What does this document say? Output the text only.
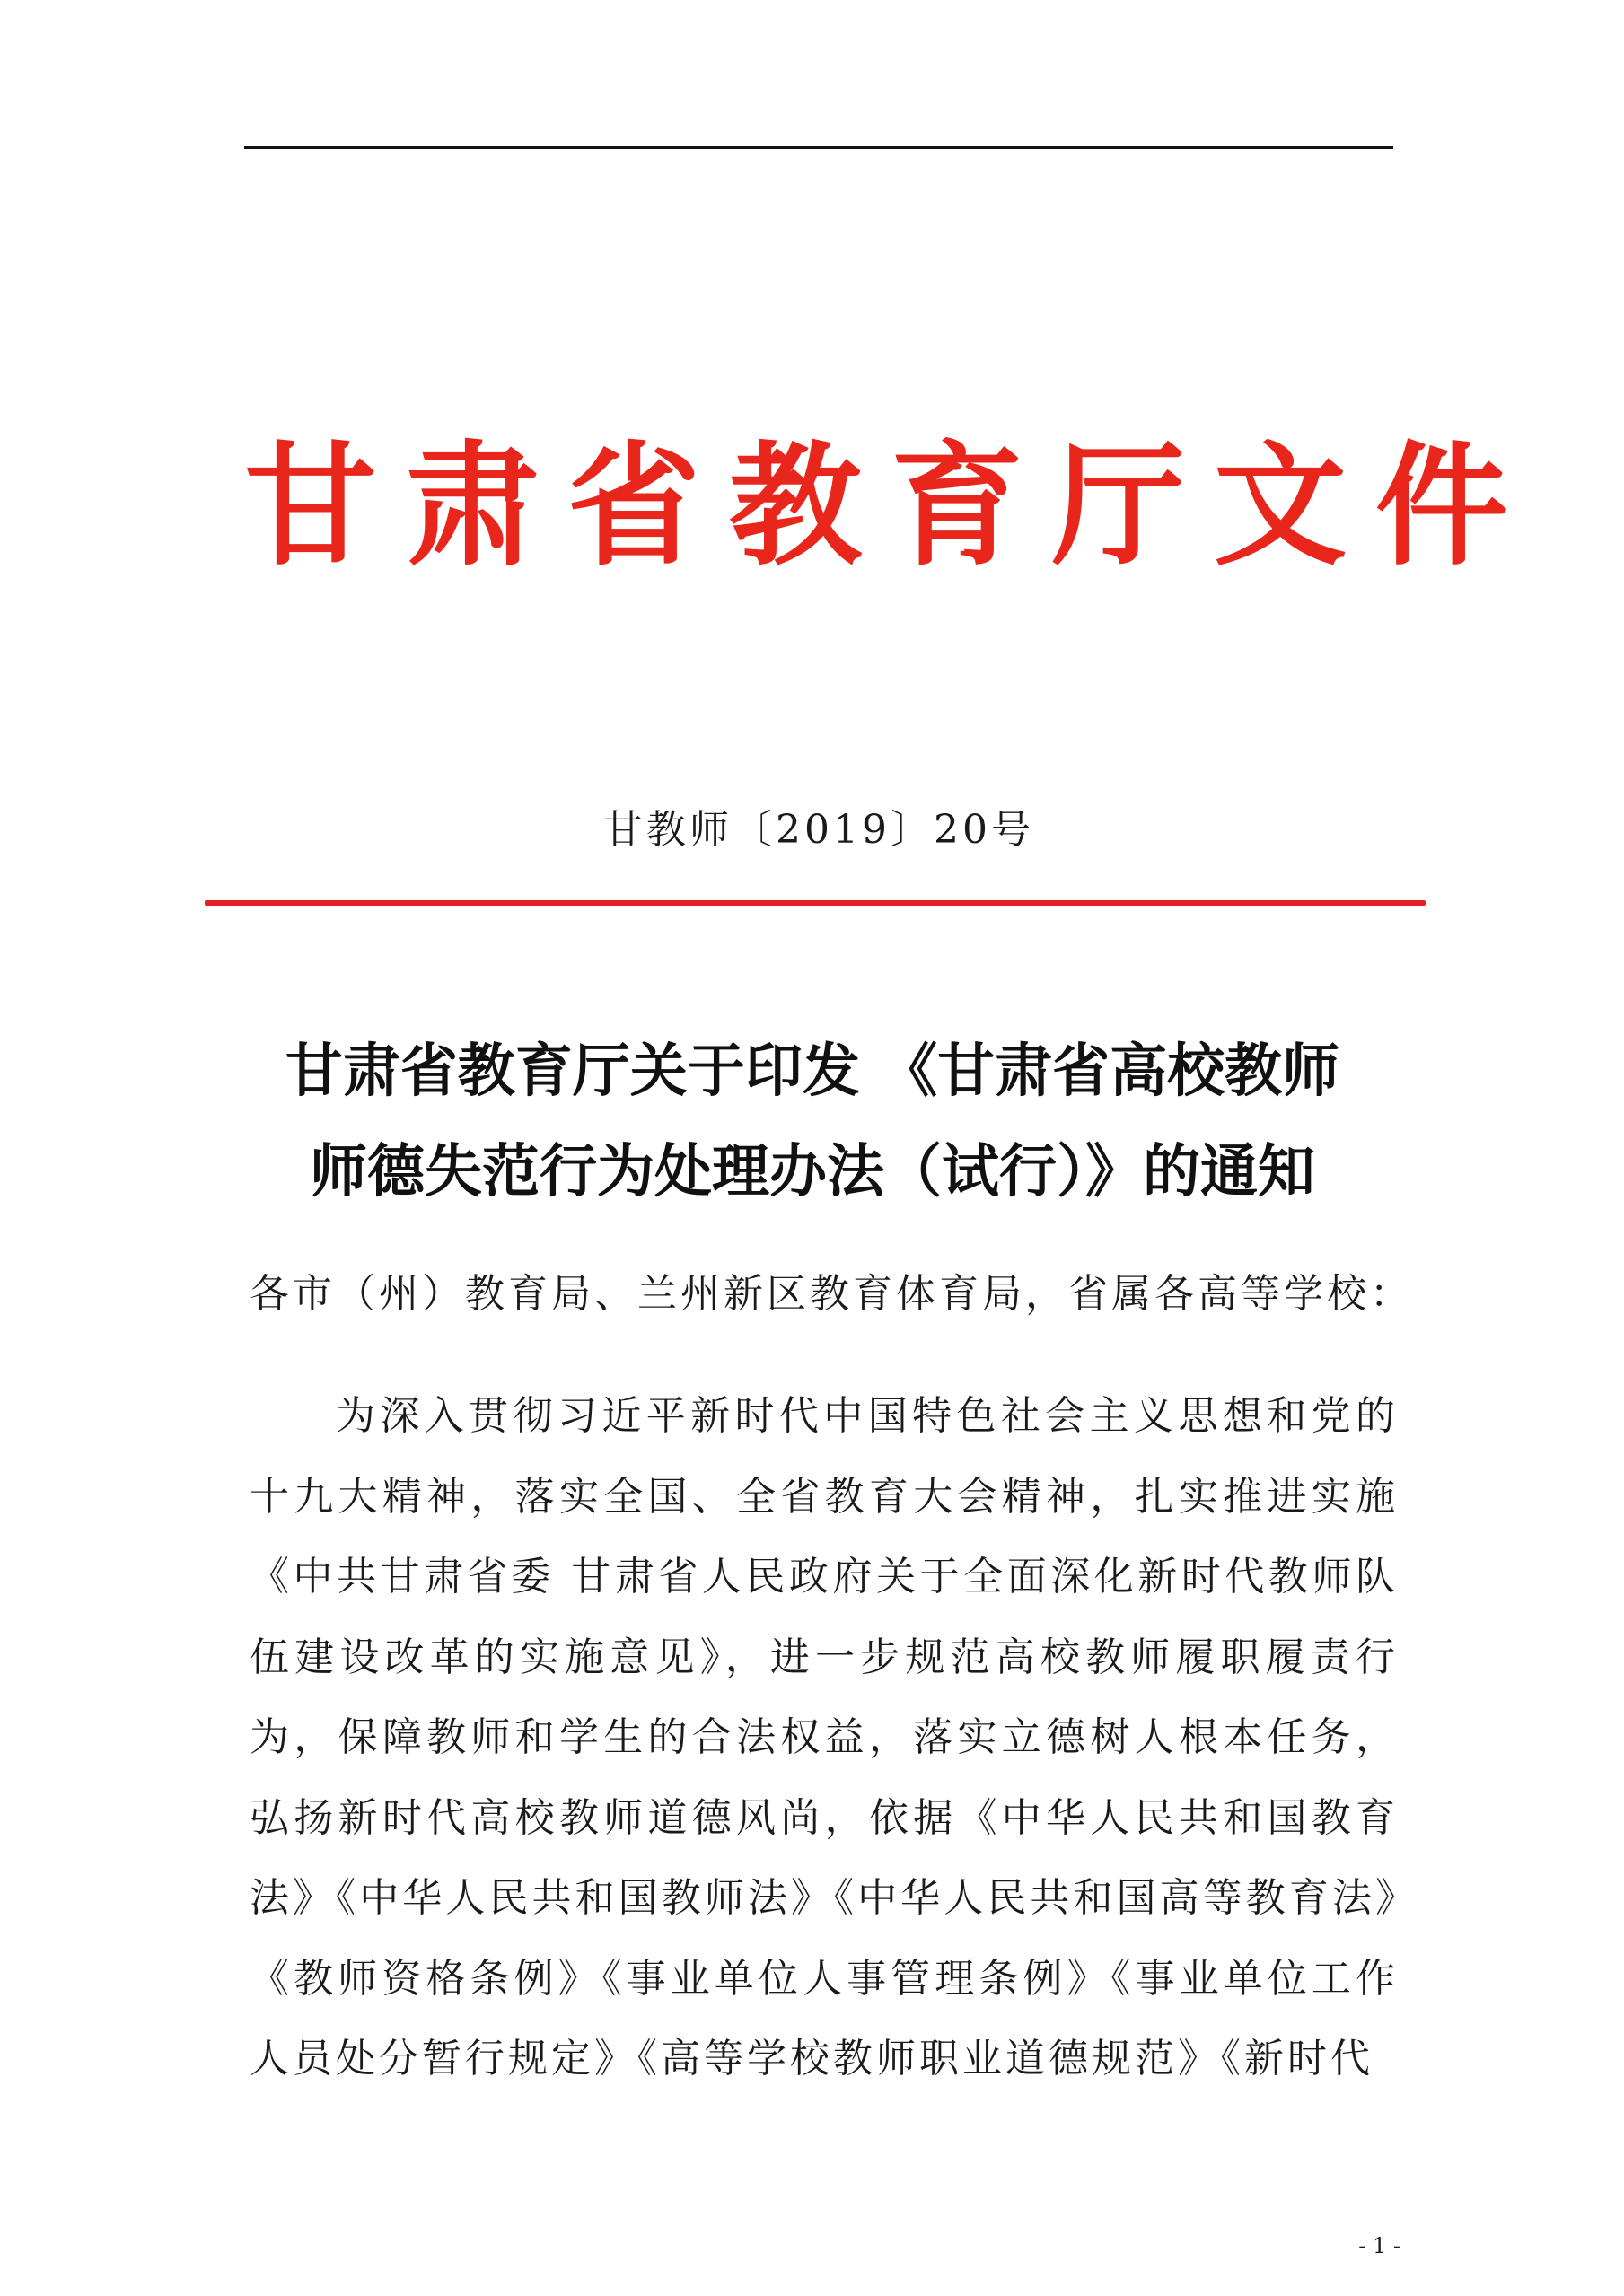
甘肃省教育厅文件
甘教师〔2019〕20号
甘肃省教育厅关于印发 《甘肃省高校教师
师德失范行为处理办法（试行）》的通知

各市（州）教育局、兰州新区教育体育局，省属各高等学校：

为深入贯彻习近平新时代中国特色社会主义思想和党的十九大精神，落实全国、全省教育大会精神，扎实推进实施《中共甘肃省委 甘肃省人民政府关于全面深化新时代教师队伍建设改革的实施意见》，进一步规范高校教师履职履责行为，保障教师和学生的合法权益，落实立德树人根本任务，弘扬新时代高校教师道德风尚，依据《中华人民共和国教育法》《中华人民共和国教师法》《中华人民共和国高等教育法》《教师资格条例》《事业单位人事管理条例》《事业单位工作人员处分暂行规定》《高等学校教师职业道德规范》《新时代

- 1 -
